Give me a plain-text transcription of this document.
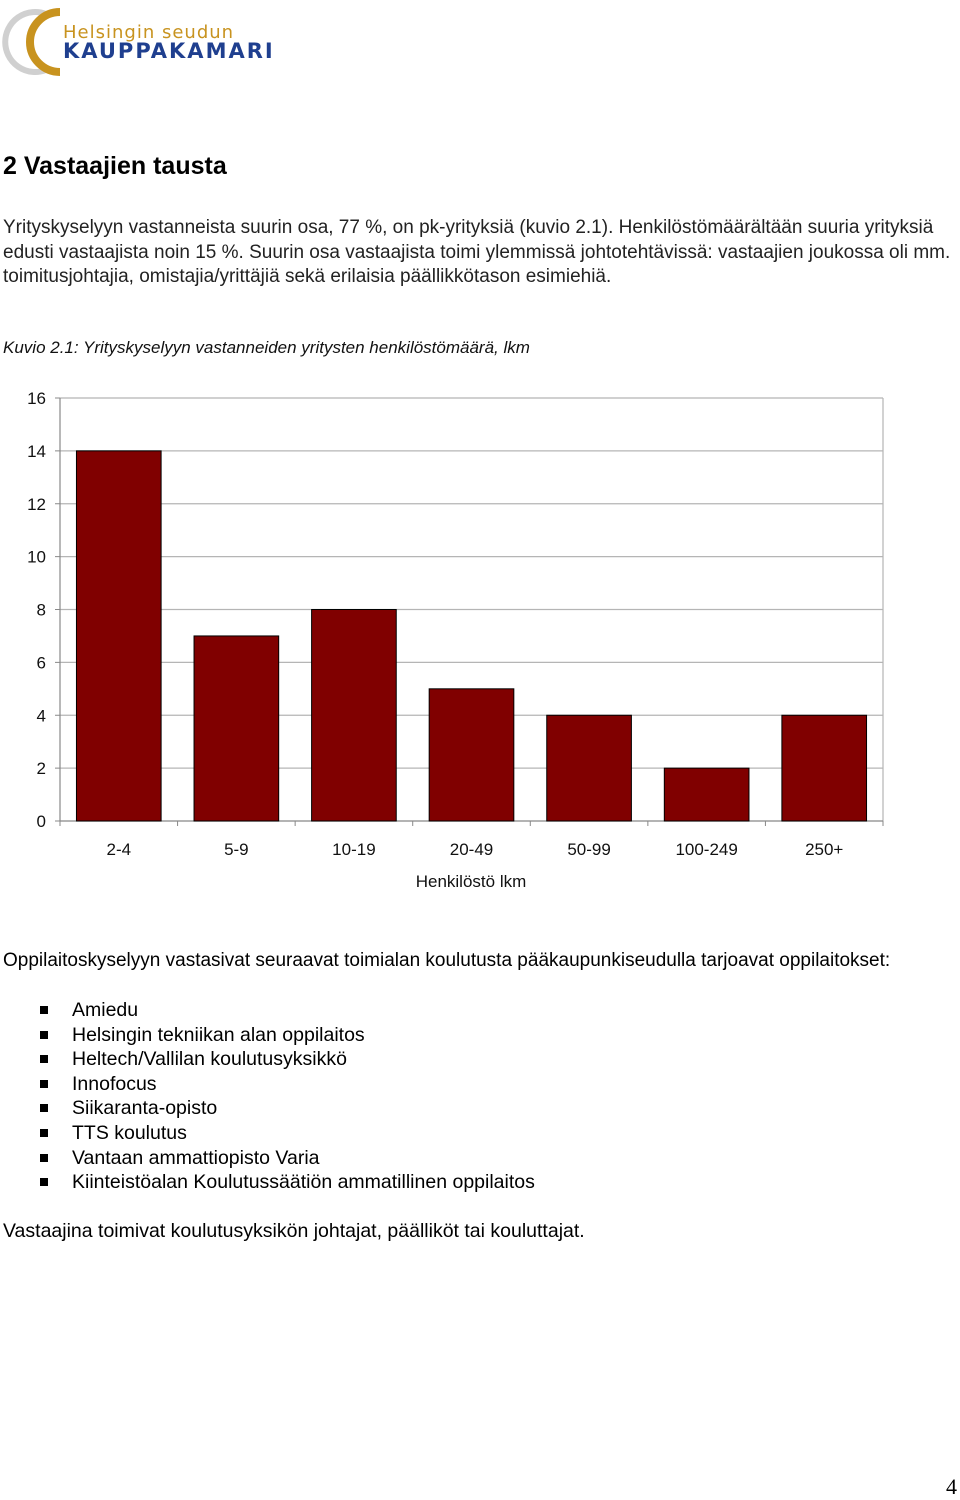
Helsingin seudun
KAUPPAKAMARI
2 Vastaajien tausta

Yrityskyselyyn vastanneista suurin osa, 77 %, on pk-yrityksiä (kuvio 2.1). Henkilöstömäärältään suuria yrityksiä edusti vastaajista noin 15 %. Suurin osa vastaajista toimi ylemmissä johtotehtävissä: vastaajien joukossa oli mm. toimitusjohtajia, omistajia/yrittäjiä sekä erilaisia päällikkötason esimiehiä.

Kuvio 2.1: Yrityskyselyyn vastanneiden yritysten henkilöstömäärä, lkm

0
2
4
6
8
10
12
14
16
2-4	5-9	10-19	20-49	50-99	100-249	250+
Henkilöstö lkm

Oppilaitoskyselyyn vastasivat seuraavat toimialan koulutusta pääkaupunkiseudulla tarjoavat oppilaitokset:

Amiedu
Helsingin tekniikan alan oppilaitos
Heltech/Vallilan koulutusyksikkö
Innofocus
Siikaranta-opisto
TTS koulutus
Vantaan ammattiopisto Varia
Kiinteistöalan Koulutussäätiön ammatillinen oppilaitos

Vastaajina toimivat koulutusyksikön johtajat, päälliköt tai kouluttajat.

4
